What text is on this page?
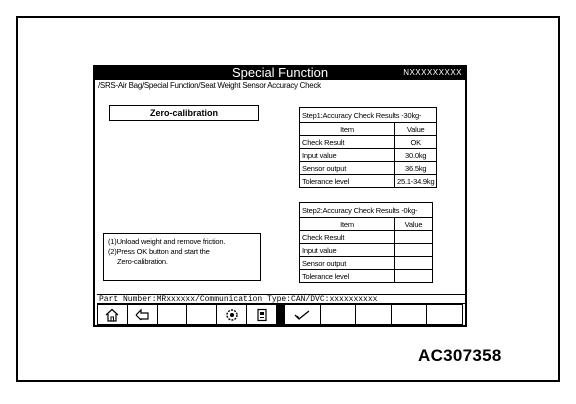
Special Function	NXXXXXXXXX
/SRS-Air Bag/Special Function/Seat Weight Sensor Accuracy Check
Zero-calibration
(1)Unload weight and remove friction.
(2)Press OK button and start the
Zero-calibration.
Step1:Accuracy Check Results -30kg-	
Item	Value
Check Result	OK
Input value	30.0kg
Sensor output	36.5kg
Tolerance level	25.1-34.9kg
Step2:Accuracy Check Results -0kg-	
Item	Value
Check Result	
Input value	
Sensor output	
Tolerance level	
Part Number:MRxxxxxx/Communication Type:CAN/DVC:xxxxxxxxxx
AC307358
